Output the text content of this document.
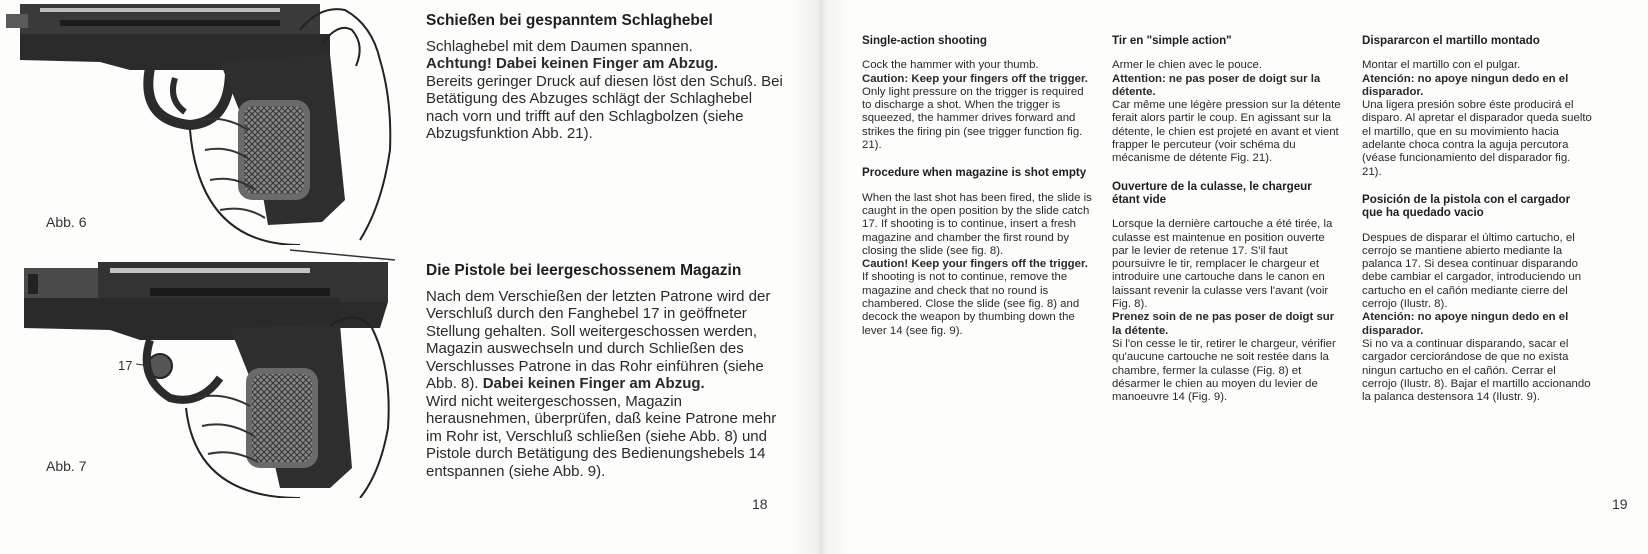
Abb. 6
17
Abb. 7
Schießen bei gespanntem Schlaghebel

Schlaghebel mit dem Daumen spannen.

Achtung! Dabei keinen Finger am Abzug.

Bereits geringer Druck auf diesen löst den Schuß. Bei Betätigung des Abzuges schlägt der Schlaghebel nach vorn und trifft auf den Schlagbolzen (siehe Abzugsfunktion Abb. 21).

Die Pistole bei leergeschossenem Magazin

Nach dem Verschießen der letzten Patrone wird der Verschluß durch den Fanghebel 17 in geöffneter Stellung gehalten. Soll weitergeschossen werden, Magazin auswechseln und durch Schließen des Verschlusses Patrone in das Rohr einführen (siehe Abb. 8). Dabei keinen Finger am Abzug.

Wird nicht weitergeschossen, Magazin herausnehmen, überprüfen, daß keine Patrone mehr im Rohr ist, Verschluß schließen (siehe Abb. 8) und Pistole durch Betätigung des Bedienungshebels 14 entspannen (siehe Abb. 9).

18
Single-action shooting

Cock the hammer with your thumb.

Caution: Keep your fingers off the trigger.

Only light pressure on the trigger is required to discharge a shot. When the trigger is squeezed, the hammer drives forward and strikes the firing pin (see trigger function fig. 21).

Procedure when magazine is shot empty

When the last shot has been fired, the slide is caught in the open position by the slide catch 17. If shooting is to continue, insert a fresh magazine and chamber the first round by closing the slide (see fig. 8).

Caution! Keep your fingers off the trigger.

If shooting is not to continue, remove the magazine and check that no round is chambered. Close the slide (see fig. 8) and decock the weapon by thumbing down the lever 14 (see fig. 9).

Tir en "simple action"

Armer le chien avec le pouce.

Attention: ne pas poser de doigt sur la détente.

Car même une légère pression sur la détente ferait alors partir le coup. En agissant sur la détente, le chien est projeté en avant et vient frapper le percuteur (voir schéma du mécanisme de détente Fig. 21).

Ouverture de la culasse, le chargeur étant vide

Lorsque la dernière cartouche a été tirée, la culasse est maintenue en position ouverte par le levier de retenue 17. S'il faut poursuivre le tir, remplacer le chargeur et introduire une cartouche dans le canon en laissant revenir la culasse vers l'avant (voir Fig. 8).

Prenez soin de ne pas poser de doigt sur la détente.

Si l'on cesse le tir, retirer le chargeur, vérifier qu'aucune cartouche ne soit restée dans la chambre, fermer la culasse (Fig. 8) et désarmer le chien au moyen du levier de manoeuvre 14 (Fig. 9).

Dispararcon el martillo montado

Montar el martillo con el pulgar.

Atención: no apoye ningun dedo en el disparador.

Una ligera presión sobre éste producirá el disparo. Al apretar el disparador queda suelto el martillo, que en su movimiento hacia adelante choca contra la aguja percutora (véase funcionamiento del disparador fig. 21).

Posición de la pistola con el cargador que ha quedado vacio

Despues de disparar el último cartucho, el cerrojo se mantiene abierto mediante la palanca 17. Si desea continuar disparando debe cambiar el cargador, introduciendo un cartucho en el cañón mediante cierre del cerrojo (Ilustr. 8).

Atención: no apoye ningun dedo en el disparador.

Si no va a continuar disparando, sacar el cargador cerciorándose de que no exista ningun cartucho en el cañón. Cerrar el cerrojo (Ilustr. 8). Bajar el martillo accionando la palanca destensora 14 (Ilustr. 9).

19
